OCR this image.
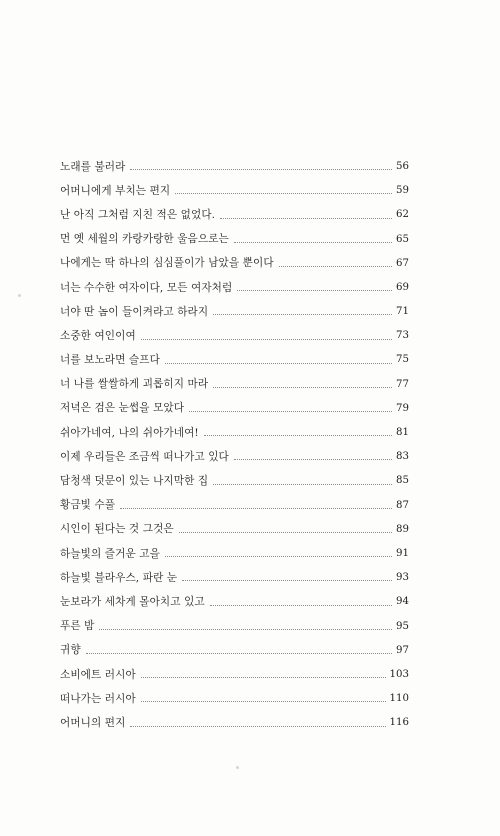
노래를 불러라	56
어머니에게 부치는 편지	59
난 아직 그처럼 지친 적은 없었다.	62
먼 옛 세월의 카랑카랑한 울음으로는	65
나에게는 딱 하나의 심심풀이가 남았을 뿐이다	67
너는 수수한 여자이다, 모든 여자처럼	69
너야 딴 놈이 들이켜라고 하라지	71
소중한 여인이여	73
너를 보노라면 슬프다	75
너 나를 쌀쌀하게 괴롭히지 마라	77
저녁은 검은 눈썹을 모았다	79
쉬아가네여, 나의 쉬아가네여!	81
이제 우리들은 조금씩 떠나가고 있다	83
담청색 덧문이 있는 나지막한 집	85
황금빛 수풀	87
시인이 된다는 것 그것은	89
하늘빛의 즐거운 고을	91
하늘빛 블라우스, 파란 눈	93
눈보라가 세차게 몰아치고 있고	94
푸른 밤	95
귀향	97
소비에트 러시아	103
떠나가는 러시아	110
어머니의 편지	116
